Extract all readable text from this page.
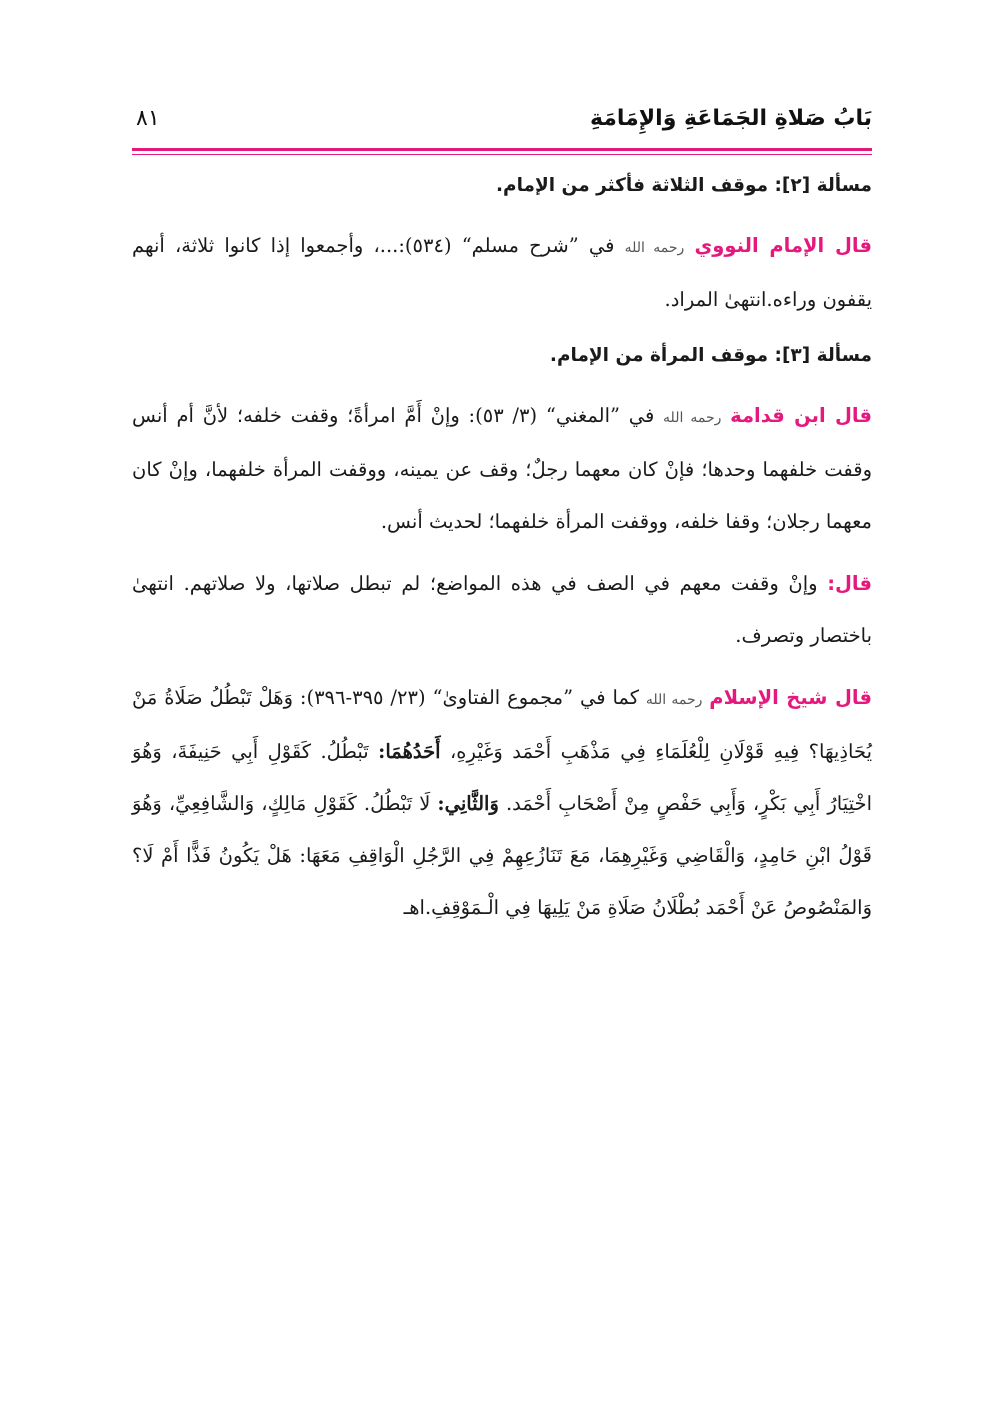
بَابُ صَلاةِ الجَمَاعَةِ وَالإِمَامَةِ
٨١
مسألة [٢]: موقف الثلاثة فأكثر من الإمام.

قال الإمام النووي رحمه الله في ”شرح مسلم“ (٥٣٤):...، وأجمعوا إذا كانوا ثلاثة، أنهم يقفون وراءه.انتهىٰ المراد.

مسألة [٣]: موقف المرأة من الإمام.

قال ابن قدامة رحمه الله في ”المغني“ (٣/ ٥٣): وإنْ أَمَّ امرأةً؛ وقفت خلفه؛ لأنَّ أم أنس وقفت خلفهما وحدها؛ فإنْ كان معهما رجلٌ؛ وقف عن يمينه، ووقفت المرأة خلفهما، وإنْ كان معهما رجلان؛ وقفا خلفه، ووقفت المرأة خلفهما؛ لحديث أنس.

قال: وإنْ وقفت معهم في الصف في هذه المواضع؛ لم تبطل صلاتها، ولا صلاتهم. انتهىٰ باختصار وتصرف.

قال شيخ الإسلام رحمه الله كما في ”مجموع الفتاوىٰ“ (٢٣/ ٣٩٥-٣٩٦): وَهَلْ تَبْطُلُ صَلَاةُ مَنْ يُحَاذِيهَا؟ فِيهِ قَوْلَانِ لِلْعُلَمَاءِ فِي مَذْهَبِ أَحْمَد وَغَيْرِهِ، أَحَدُهُمَا: تَبْطُلُ. كَقَوْلِ أَبِي حَنِيفَةَ، وَهُوَ اخْتِيَارُ أَبِي بَكْرٍ، وَأَبِي حَفْصٍ مِنْ أَصْحَابِ أَحْمَد. وَالثَّانِي: لَا تَبْطُلُ. كَقَوْلِ مَالِكٍ، وَالشَّافِعِيِّ، وَهُوَ قَوْلُ ابْنِ حَامِدٍ، وَالْقَاضِي وَغَيْرِهِمَا، مَعَ تَنَازُعِهِمْ فِي الرَّجُلِ الْوَاقِفِ مَعَهَا: هَلْ يَكُونُ فَذًّا أَمْ لَا؟ وَالمَنْصُوصُ عَنْ أَحْمَد بُطْلَانُ صَلَاةِ مَنْ يَلِيهَا فِي الْـمَوْقِفِ.اهـ
